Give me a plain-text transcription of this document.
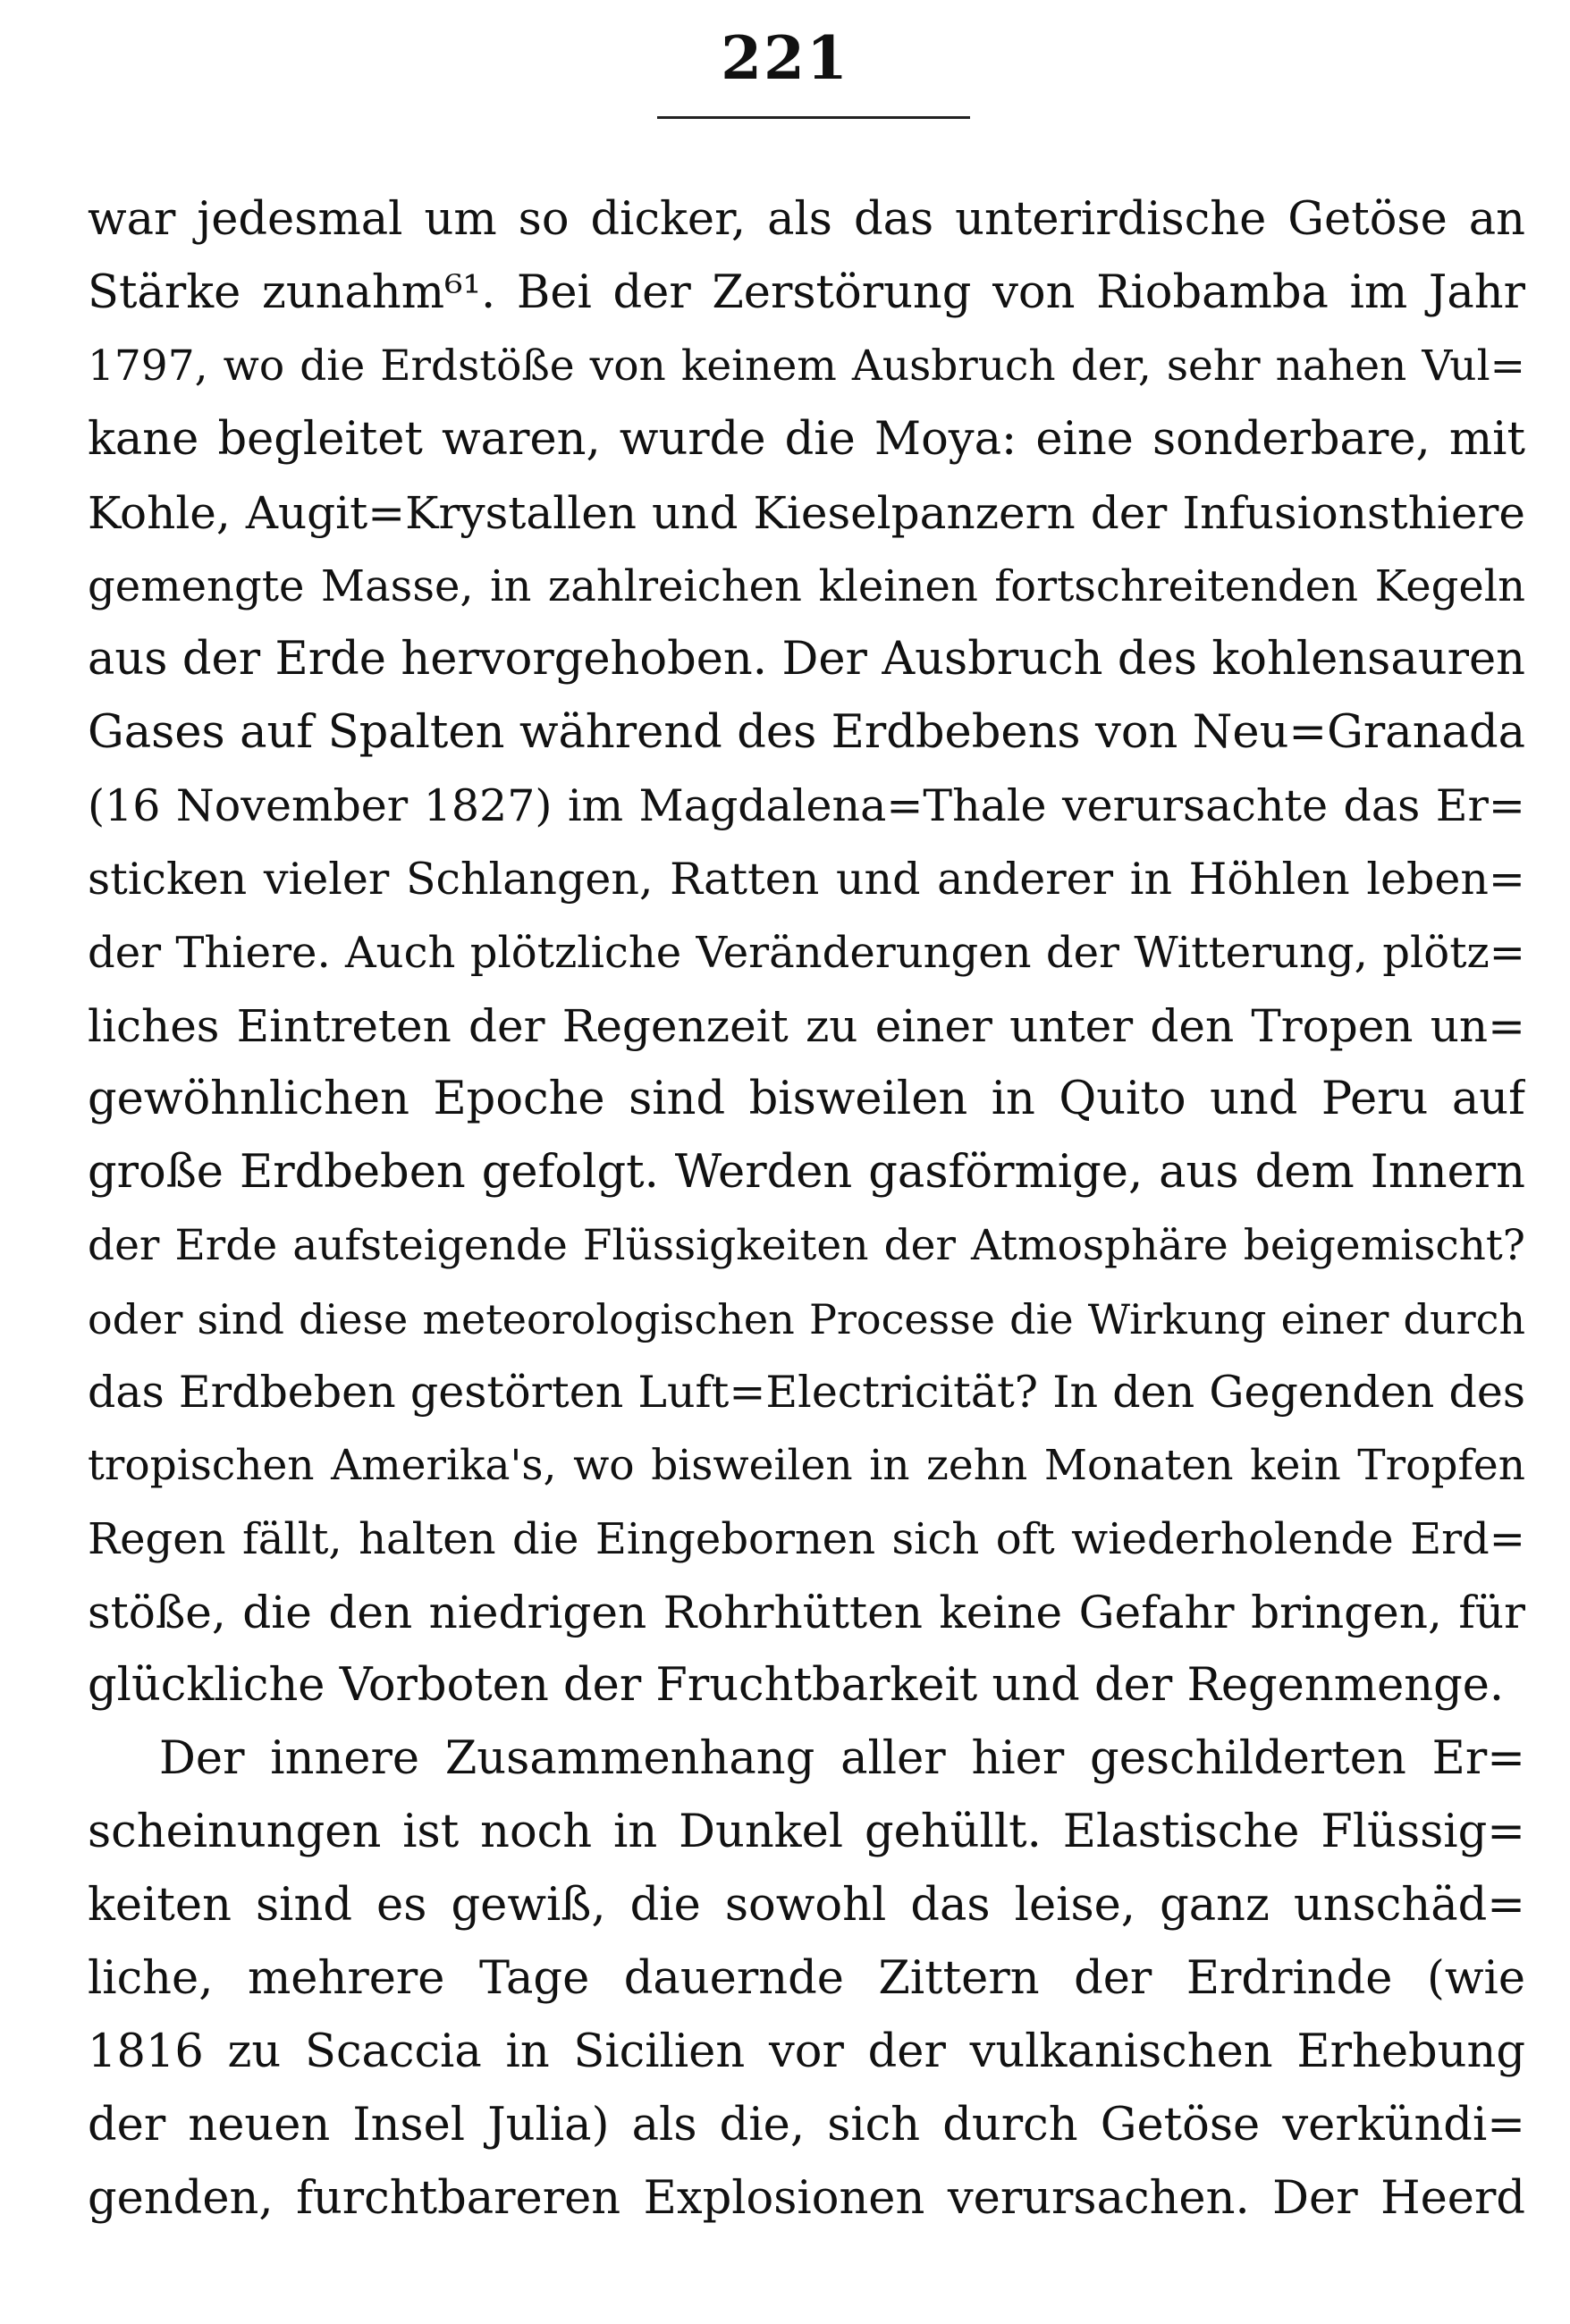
221
war jedesmal um so dicker, als das unterirdische Getöse an
Stärke zunahm⁶¹. Bei der Zerstörung von Riobamba im Jahr
1797, wo die Erdstöße von keinem Ausbruch der, sehr nahen Vul=
kane begleitet waren, wurde die Moya: eine sonderbare, mit
Kohle, Augit=Krystallen und Kieselpanzern der Infusionsthiere
gemengte Masse, in zahlreichen kleinen fortschreitenden Kegeln
aus der Erde hervorgehoben. Der Ausbruch des kohlensauren
Gases auf Spalten während des Erdbebens von Neu=Granada
(16 November 1827) im Magdalena=Thale verursachte das Er=
sticken vieler Schlangen, Ratten und anderer in Höhlen leben=
der Thiere. Auch plötzliche Veränderungen der Witterung, plötz=
liches Eintreten der Regenzeit zu einer unter den Tropen un=
gewöhnlichen Epoche sind bisweilen in Quito und Peru auf
große Erdbeben gefolgt. Werden gasförmige, aus dem Innern
der Erde aufsteigende Flüssigkeiten der Atmosphäre beigemischt?
oder sind diese meteorologischen Processe die Wirkung einer durch
das Erdbeben gestörten Luft=Electricität? In den Gegenden des
tropischen Amerika's, wo bisweilen in zehn Monaten kein Tropfen
Regen fällt, halten die Eingebornen sich oft wiederholende Erd=
stöße, die den niedrigen Rohrhütten keine Gefahr bringen, für
glückliche Vorboten der Fruchtbarkeit und der Regenmenge.
Der innere Zusammenhang aller hier geschilderten Er=
scheinungen ist noch in Dunkel gehüllt. Elastische Flüssig=
keiten sind es gewiß, die sowohl das leise, ganz unschäd=
liche, mehrere Tage dauernde Zittern der Erdrinde (wie
1816 zu Scaccia in Sicilien vor der vulkanischen Erhebung
der neuen Insel Julia) als die, sich durch Getöse verkündi=
genden, furchtbareren Explosionen verursachen. Der Heerd
